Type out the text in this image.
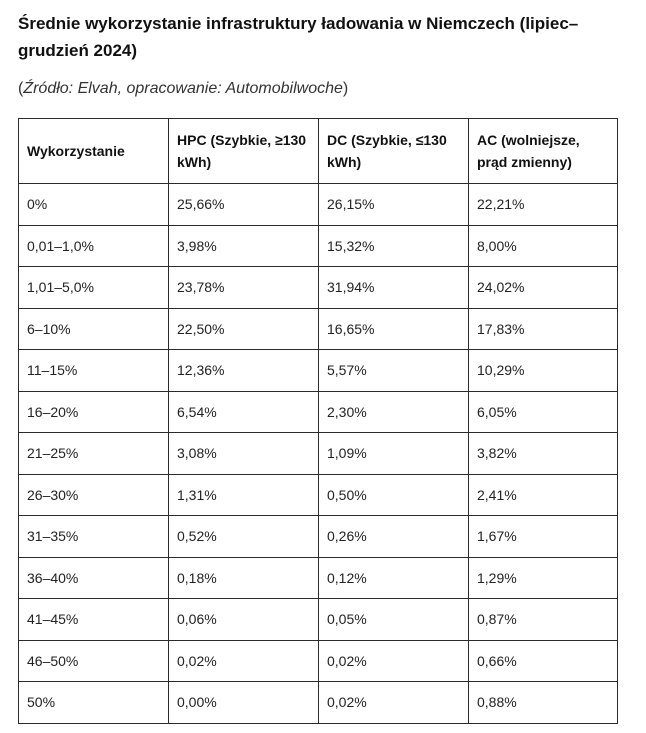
Średnie wykorzystanie infrastruktury ładowania w Niemczech (lipiec–grudzień 2024)

(Źródło: Elvah, opracowanie: Automobilwoche)

Wykorzystanie	HPC (Szybkie, ≥130 kWh)	DC (Szybkie, ≤130 kWh)	AC (wolniejsze, prąd zmienny)
0%	25,66%	26,15%	22,21%
0,01–1,0%	3,98%	15,32%	8,00%
1,01–5,0%	23,78%	31,94%	24,02%
6–10%	22,50%	16,65%	17,83%
11–15%	12,36%	5,57%	10,29%
16–20%	6,54%	2,30%	6,05%
21–25%	3,08%	1,09%	3,82%
26–30%	1,31%	0,50%	2,41%
31–35%	0,52%	0,26%	1,67%
36–40%	0,18%	0,12%	1,29%
41–45%	0,06%	0,05%	0,87%
46–50%	0,02%	0,02%	0,66%
50%	0,00%	0,02%	0,88%
